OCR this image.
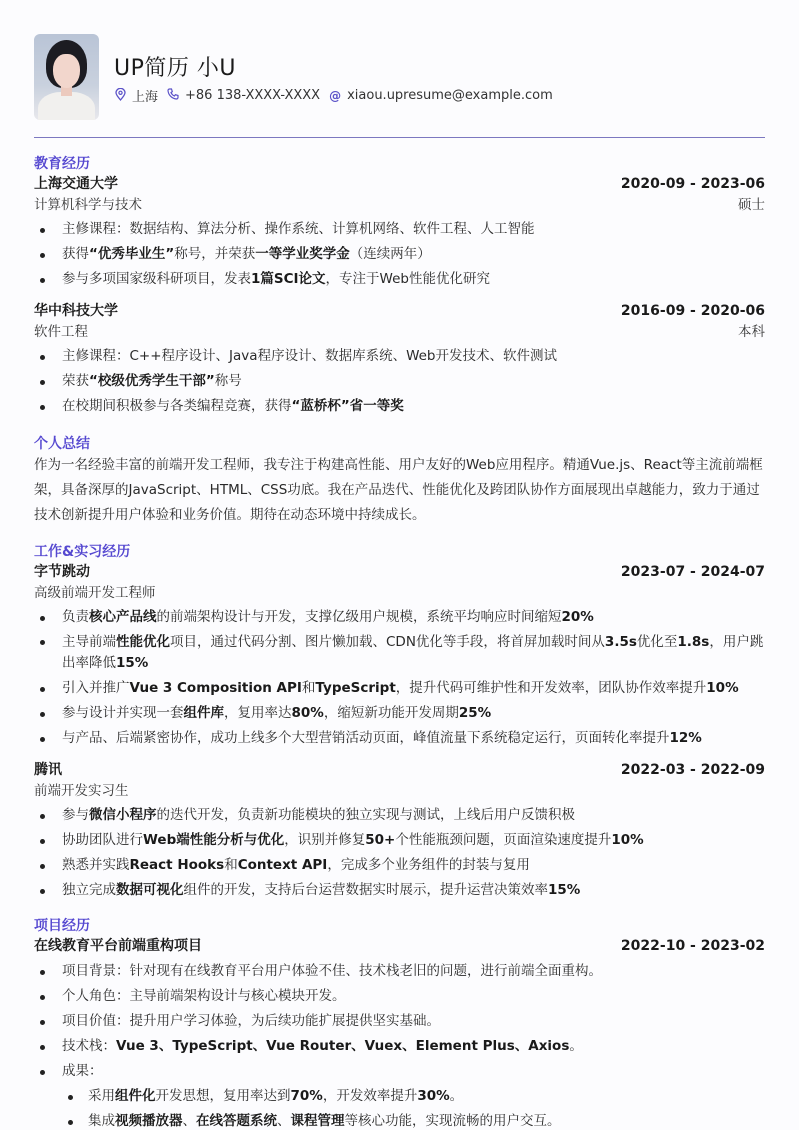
UP简历 小U
上海 +86 138-XXXX-XXXX @ xiaou.upresume@example.com
教育经历
上海交通大学	2020-09 - 2023-06
计算机科学与技术	硕士
主修课程：数据结构、算法分析、操作系统、计算机网络、软件工程、人工智能
获得“优秀毕业生”称号，并荣获一等学业奖学金（连续两年）
参与多项国家级科研项目，发表1篇SCI论文，专注于Web性能优化研究
华中科技大学	2016-09 - 2020-06
软件工程	本科
主修课程：C++程序设计、Java程序设计、数据库系统、Web开发技术、软件测试
荣获“校级优秀学生干部”称号
在校期间积极参与各类编程竞赛，获得“蓝桥杯”省一等奖
个人总结
作为一名经验丰富的前端开发工程师，我专注于构建高性能、用户友好的Web应用程序。精通Vue.js、React等主流前端框架，具备深厚的JavaScript、HTML、CSS功底。我在产品迭代、性能优化及跨团队协作方面展现出卓越能力，致力于通过技术创新提升用户体验和业务价值。期待在动态环境中持续成长。
工作&实习经历
字节跳动	2023-07 - 2024-07
高级前端开发工程师
负责核心产品线的前端架构设计与开发，支撑亿级用户规模，系统平均响应时间缩短20%
主导前端性能优化项目，通过代码分割、图片懒加载、CDN优化等手段，将首屏加载时间从3.5s优化至1.8s，用户跳出率降低15%
引入并推广Vue 3 Composition API和TypeScript，提升代码可维护性和开发效率，团队协作效率提升10%
参与设计并实现一套组件库，复用率达80%，缩短新功能开发周期25%
与产品、后端紧密协作，成功上线多个大型营销活动页面，峰值流量下系统稳定运行，页面转化率提升12%
腾讯	2022-03 - 2022-09
前端开发实习生
参与微信小程序的迭代开发，负责新功能模块的独立实现与测试，上线后用户反馈积极
协助团队进行Web端性能分析与优化，识别并修复50+个性能瓶颈问题，页面渲染速度提升10%
熟悉并实践React Hooks和Context API，完成多个业务组件的封装与复用
独立完成数据可视化组件的开发，支持后台运营数据实时展示，提升运营决策效率15%
项目经历
在线教育平台前端重构项目	2022-10 - 2023-02
项目背景：针对现有在线教育平台用户体验不佳、技术栈老旧的问题，进行前端全面重构。
个人角色：主导前端架构设计与核心模块开发。
项目价值：提升用户学习体验，为后续功能扩展提供坚实基础。
技术栈：Vue 3、TypeScript、Vue Router、Vuex、Element Plus、Axios。
成果：
采用组件化开发思想，复用率达到70%，开发效率提升30%。
集成视频播放器、在线答题系统、课程管理等核心功能，实现流畅的用户交互。
